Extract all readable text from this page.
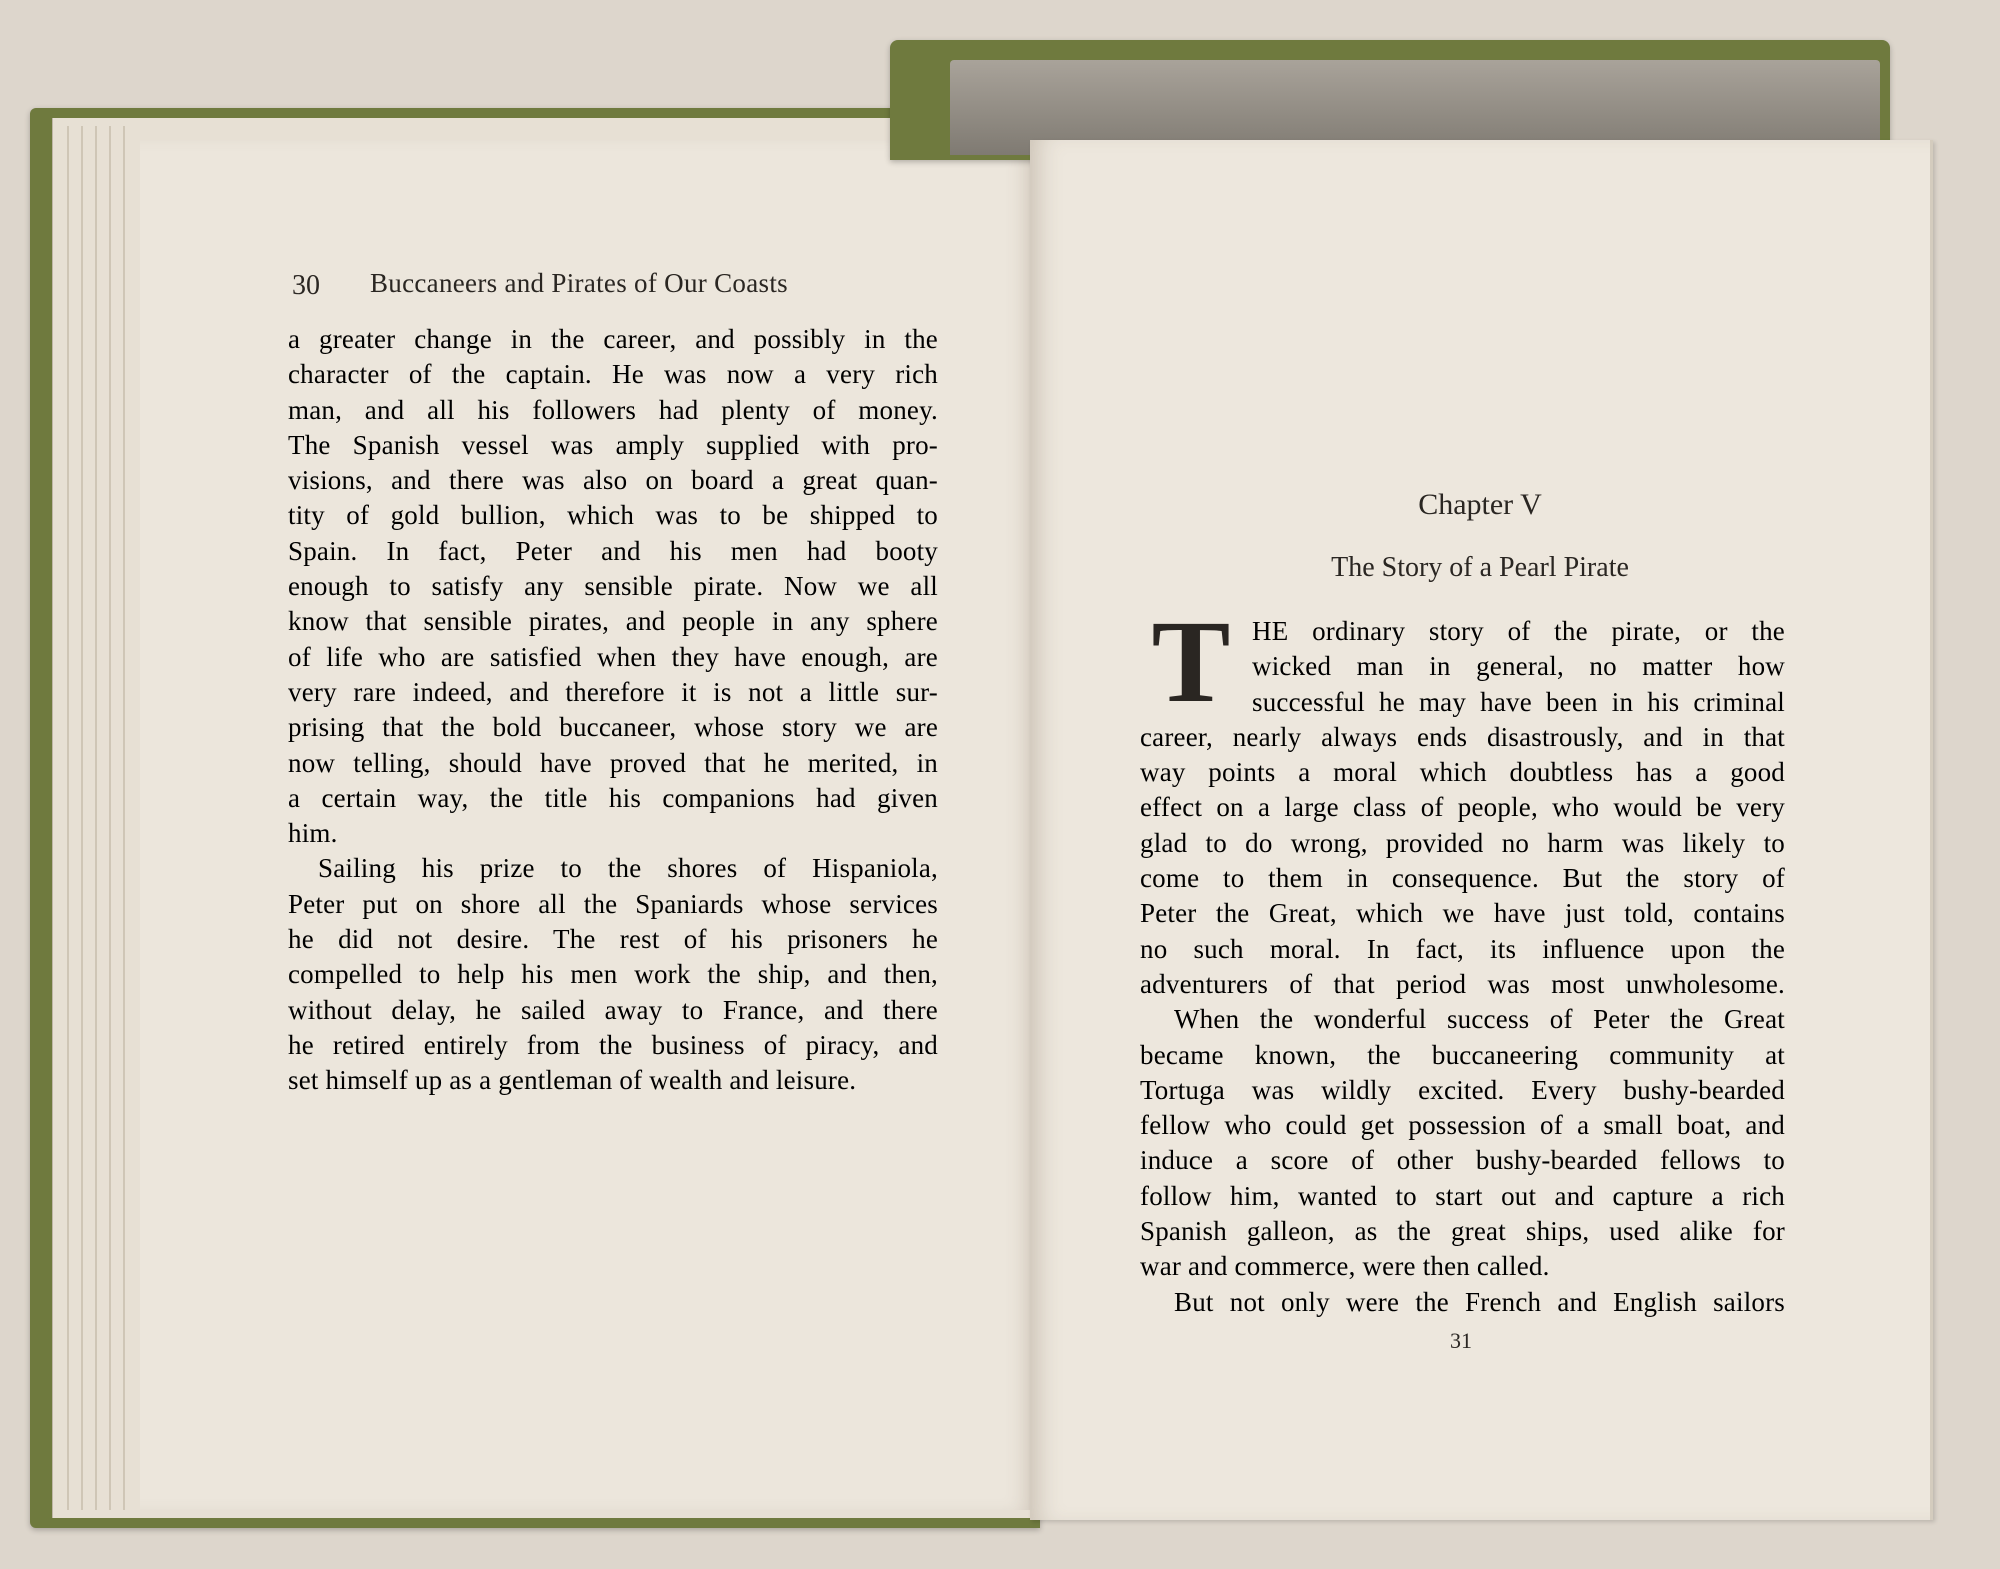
30 Buccaneers and Pirates of Our Coasts
a greater change in the career, and possibly in the
character of the captain. He was now a very rich
man, and all his followers had plenty of money.
The Spanish vessel was amply supplied with pro-
visions, and there was also on board a great quan-
tity of gold bullion, which was to be shipped to
Spain. In fact, Peter and his men had booty
enough to satisfy any sensible pirate. Now we all
know that sensible pirates, and people in any sphere
of life who are satisfied when they have enough, are
very rare indeed, and therefore it is not a little sur-
prising that the bold buccaneer, whose story we are
now telling, should have proved that he merited, in
a certain way, the title his companions had given
him.
Sailing his prize to the shores of Hispaniola,
Peter put on shore all the Spaniards whose services
he did not desire. The rest of his prisoners he
compelled to help his men work the ship, and then,
without delay, he sailed away to France, and there
he retired entirely from the business of piracy, and
set himself up as a gentleman of wealth and leisure.
Chapter V
The Story of a Pearl Pirate
T HE ordinary story of the pirate, or the
wicked man in general, no matter how
successful he may have been in his criminal
career, nearly always ends disastrously, and in that
way points a moral which doubtless has a good
effect on a large class of people, who would be very
glad to do wrong, provided no harm was likely to
come to them in consequence. But the story of
Peter the Great, which we have just told, contains
no such moral. In fact, its influence upon the
adventurers of that period was most unwholesome.
When the wonderful success of Peter the Great
became known, the buccaneering community at
Tortuga was wildly excited. Every bushy-bearded
fellow who could get possession of a small boat, and
induce a score of other bushy-bearded fellows to
follow him, wanted to start out and capture a rich
Spanish galleon, as the great ships, used alike for
war and commerce, were then called.
But not only were the French and English sailors
31
